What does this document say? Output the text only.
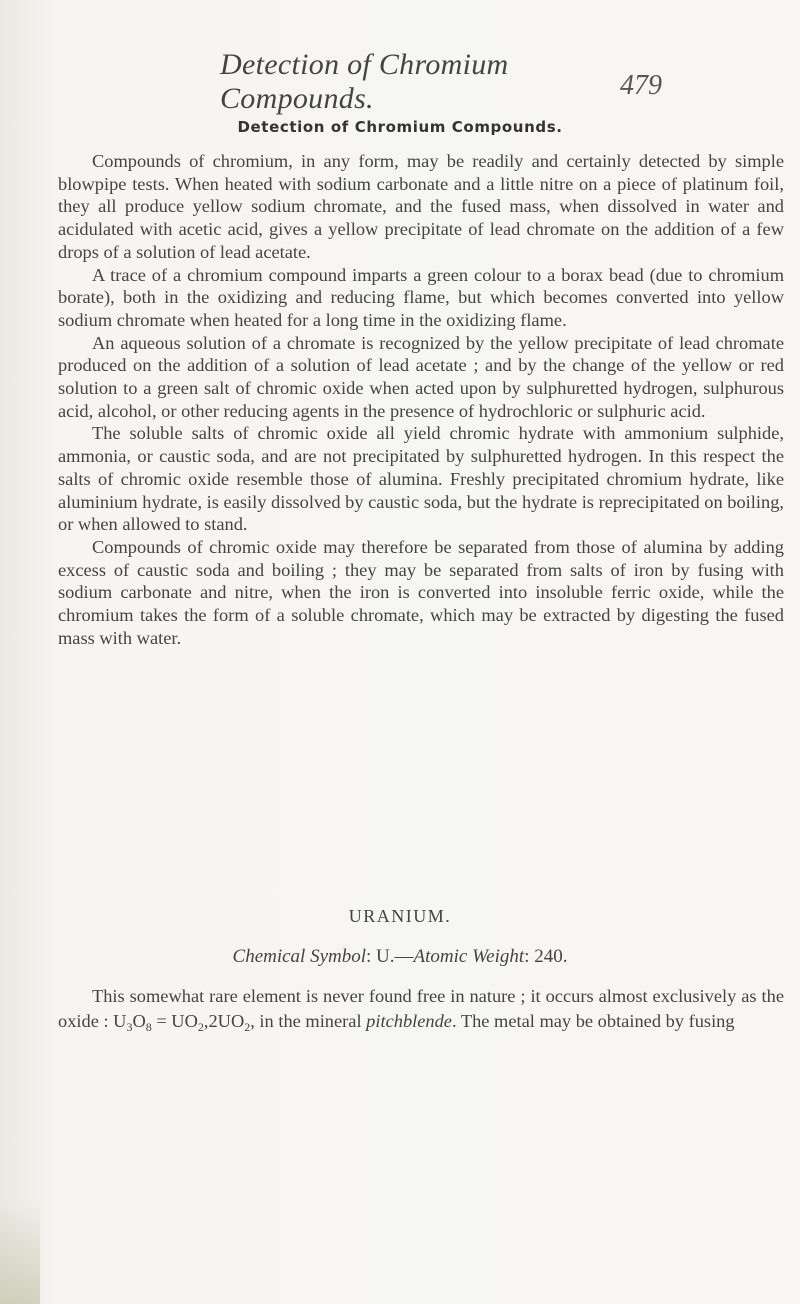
Detection of Chromium Compounds.	479
Detection of Chromium Compounds.

Compounds of chromium, in any form, may be readily and certainly detected by simple blowpipe tests. When heated with sodium carbonate and a little nitre on a piece of platinum foil, they all produce yellow sodium chromate, and the fused mass, when dissolved in water and acidulated with acetic acid, gives a yellow precipitate of lead chromate on the addition of a few drops of a solution of lead acetate.

A trace of a chromium compound imparts a green colour to a borax bead (due to chromium borate), both in the oxidizing and reducing flame, but which becomes converted into yellow sodium chromate when heated for a long time in the oxidizing flame.

An aqueous solution of a chromate is recognized by the yellow precipitate of lead chromate produced on the addition of a solution of lead acetate ; and by the change of the yellow or red solution to a green salt of chromic oxide when acted upon by sulphuretted hydrogen, sulphurous acid, alcohol, or other reducing agents in the presence of hydrochloric or sulphuric acid.

The soluble salts of chromic oxide all yield chromic hydrate with ammonium sulphide, ammonia, or caustic soda, and are not precipitated by sulphuretted hydrogen. In this respect the salts of chromic oxide resemble those of alumina. Freshly precipitated chromium hydrate, like aluminium hydrate, is easily dissolved by caustic soda, but the hydrate is reprecipitated on boiling, or when allowed to stand.

Compounds of chromic oxide may therefore be separated from those of alumina by adding excess of caustic soda and boiling ; they may be separated from salts of iron by fusing with sodium carbonate and nitre, when the iron is converted into insoluble ferric oxide, while the chromium takes the form of a soluble chromate, which may be extracted by digesting the fused mass with water.

URANIUM.
Chemical Symbol: U.—Atomic Weight: 240.

This somewhat rare element is never found free in nature ; it occurs almost exclusively as the oxide : $U_3O_8 = UO_2,2UO_2$, in the mineral pitchblende. The metal may be obtained by fusing
